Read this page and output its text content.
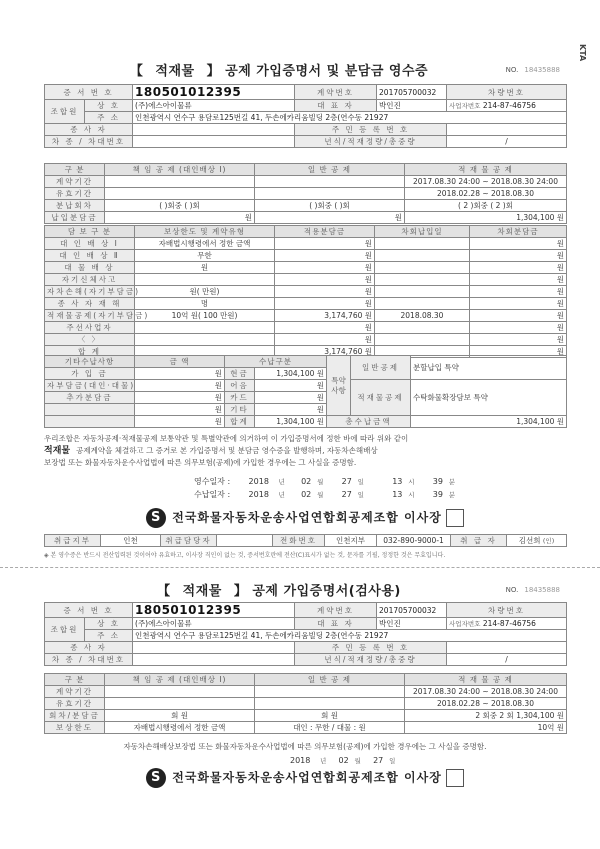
KTA
【 적재물 】 공제 가입증명서 및 분담금 영수증	NO. 18435888
증 서 번 호		180501012395	계약번호	201705700032	차량번호
조합원	상 호	(주)에스아이물류	대 표 자	박인진	사업자번호 214-87-46756
	주 소	인천광역시 연수구 용담로125번길 41, 두손에카리움빌딩 2층(연수동 21927			
종 사 자			주 민 등 록 번 호		
차 종 / 차대번호			년식/적재정량/총중량		/
구 분	책 임 공 제 (대인배상 I)	일 반 공 제	적 재 물 공 제
계약기간			2017.08.30 24:00 ~ 2018.08.30 24:00
유효기간			2018.02.28 ~ 2018.08.30
분납회차	( )회중 ( )회	( )회중 ( )회	( 2 )회중 ( 2 )회
납입분담금	원	원	1,304,100 원
담 보 구 분	보상한도 및 계약유형	적용분담금	차회납입일	차회분담금
대 인 배 상 Ⅰ	자배법시행령에서 정한 금액	원		원
대 인 배 상 Ⅱ	무한	원		원
대 물 배 상	원	원		원
자기신체사고		원		원
자차손해(자기부담금)	원( 만원)	원		원
종 사 자 재 해	명	원		원
적재물공제(자기부담금)	10억 원( 100 만원)	3,174,760 원	2018.08.30	원
주선사업자		원		원
〈 〉		원		원
합 계		3,174,760 원		원
기타수납사항	금 액	수납구분		특약사항	일반공제	분할납입 특약
가 입 금	원	현금	1,304,100 원			
자부담금(대인·대물)	원	어음	원		적재물공제	수탁화물확장담보 특약
추가분담금	원	카드	원			
	원	기타	원			
	원	합계	1,304,100 원	총수납금액		1,304,100 원
우리조합은 자동차공제·적재물공제 보통약관 및 특별약관에 의거하여 이 가입증명서에 정한 바에 따라 위와 같이
적재물 공제계약을 체결하고 그 증거로 본 가입증명서 및 분담금 영수증을 발행하며, 자동차손해배상
보장법 또는 화물자동차운수사업법에 따른 의무보험(공제)에 가입한 경우에는 그 사실을 증명함.
영수일자 : 2018 년 02 월 27 일	13 시 39 분
수납일자 : 2018 년 02 월 27 일	13 시 39 분
S 전국화물자동차운송사업연합회공제조합 이사장
취급지부	인천	취급담당자		전화번호	인천지부	032-890-9000-1	취 급 자	김선희 (인)
◈ 본 영수증은 반드시 전산입력된 것이어야 유효하고, 이사장 직인이 없는 것, 증서번호란에 전산(C)표시가 없는 것, 문자를 기필, 정정한 것은 무효입니다.
【 적재물 】 공제 가입증명서(검사용)	NO. 18435888
증 서 번 호		180501012395	계약번호	201705700032	차량번호
조합원	상 호	(주)에스아이물류	대 표 자	박인진	사업자번호 214-87-46756
	주 소	인천광역시 연수구 용담로125번길 41, 두손에카리움빌딩 2층(연수동 21927			
종 사 자			주 민 등 록 번 호		
차 종 / 차대번호			년식/적재정량/총중량		/
구 분	책 임 공 제 (대인배상 I)	일 반 공 제	적 재 물 공 제
계약기간			2017.08.30 24:00 ~ 2018.08.30 24:00
유효기간			2018.02.28 ~ 2018.08.30
회차/분담금	회 원	회 원	2 회중 2 회 1,304,100 원
보상한도	자배법시행령에서 정한 금액	대인 : 무한 / 대물 : 원	10억 원
자동차손해배상보장법 또는 화물자동차운수사업법에 따른 의무보험(공제)에 가입한 경우에는 그 사실을 증명함.
2018 년 02 월 27 일
S 전국화물자동차운송사업연합회공제조합 이사장
